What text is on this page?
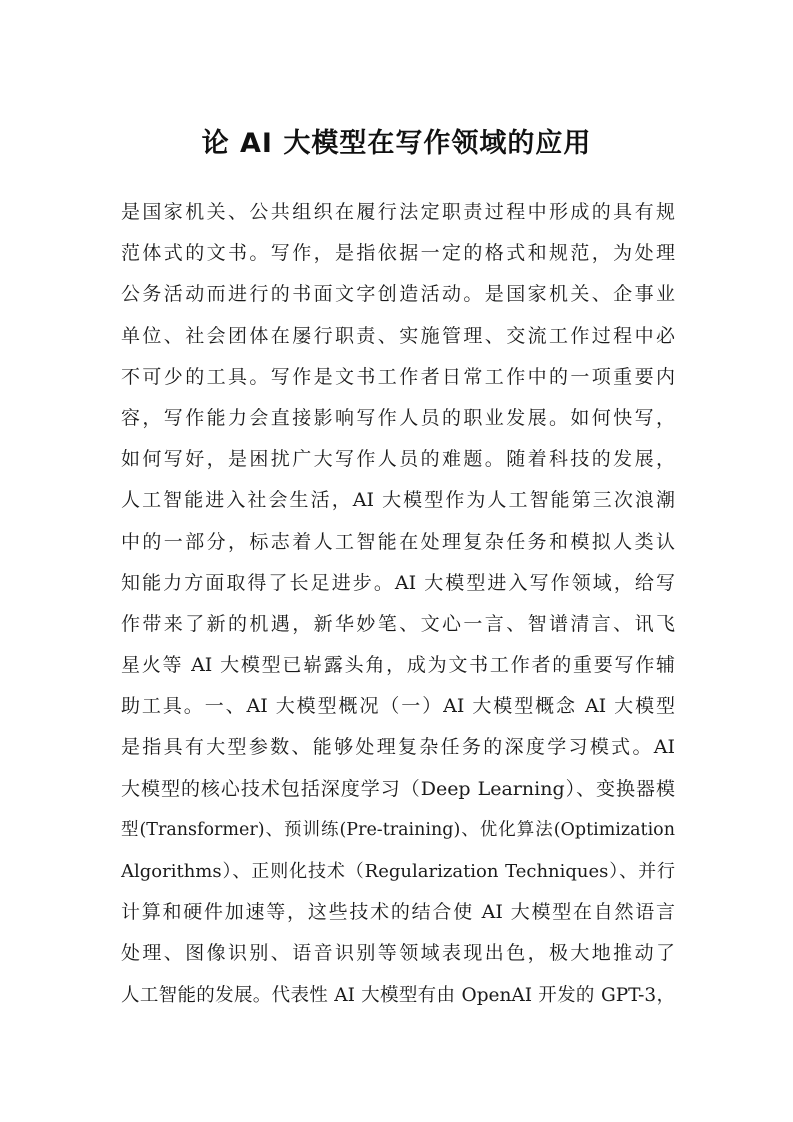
论 AI 大模型在写作领域的应用
是国家机关、公共组织在履行法定职责过程中形成的具有规
范体式的文书。写作，是指依据一定的格式和规范，为处理
公务活动而进行的书面文字创造活动。是国家机关、企事业
单位、社会团体在屡行职责、实施管理、交流工作过程中必
不可少的工具。写作是文书工作者日常工作中的一项重要内
容，写作能力会直接影响写作人员的职业发展。如何快写，
如何写好，是困扰广大写作人员的难题。随着科技的发展，
人工智能进入社会生活，AI 大模型作为人工智能第三次浪潮
中的一部分，标志着人工智能在处理复杂任务和模拟人类认
知能力方面取得了长足进步。AI 大模型进入写作领域，给写
作带来了新的机遇，新华妙笔、文心一言、智谱清言、讯飞
星火等 AI 大模型已崭露头角，成为文书工作者的重要写作辅
助工具。一、AI 大模型概况（一）AI 大模型概念 AI 大模型
是指具有大型参数、能够处理复杂任务的深度学习模式。AI
大模型的核心技术包括深度学习（Deep Learning）、变换器模
型(Transformer)、预训练(Pre-training)、优化算法(Optimization
Algorithms）、正则化技术（Regularization Techniques）、并行
计算和硬件加速等，这些技术的结合使 AI 大模型在自然语言
处理、图像识别、语音识别等领域表现出色，极大地推动了
人工智能的发展。代表性 AI 大模型有由 OpenAI 开发的 GPT-3，
